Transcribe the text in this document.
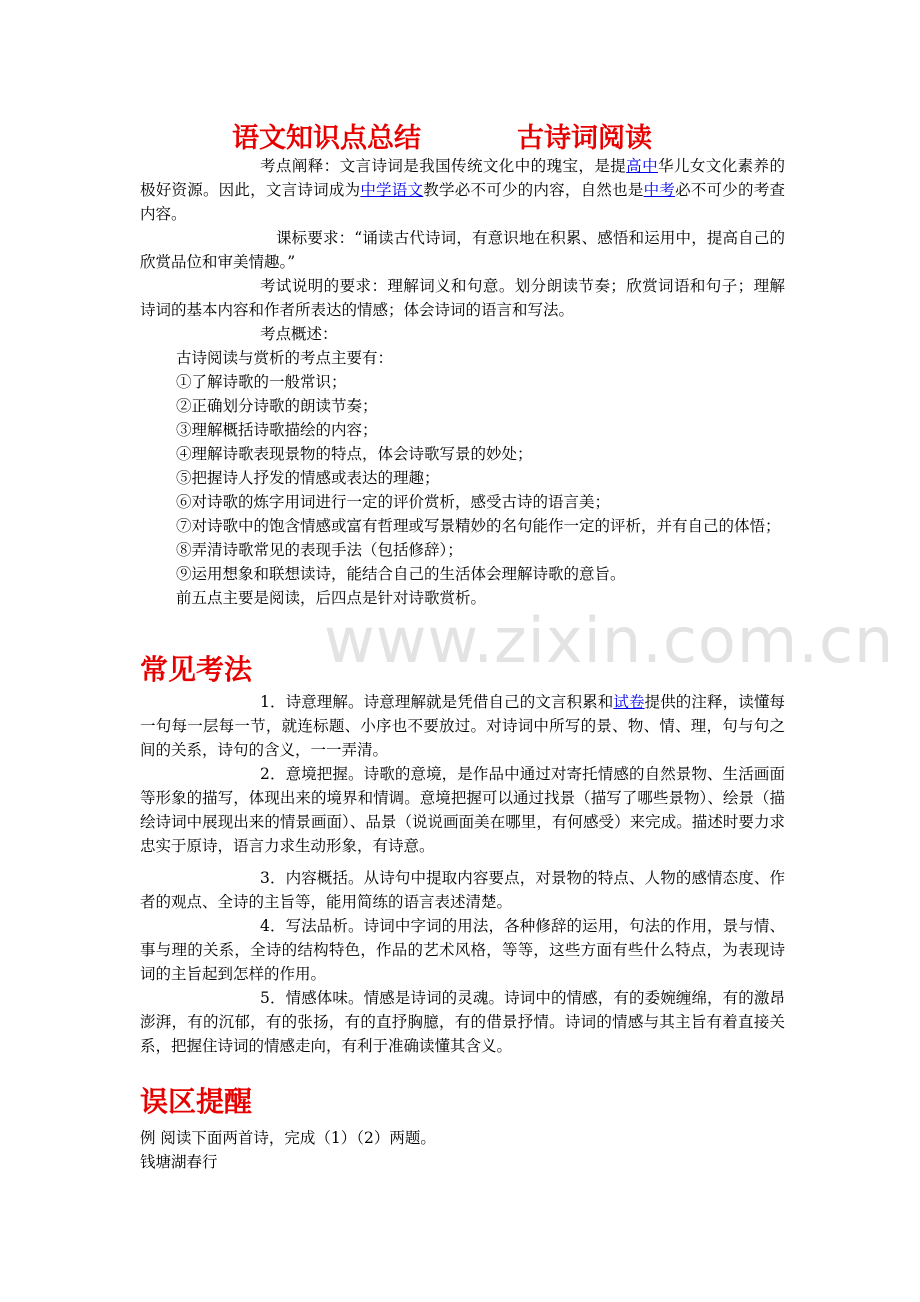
www.zixin.com.cn
语文知识点总结	古诗词阅读

考点阐释：文言诗词是我国传统文化中的瑰宝，是提高中华儿女文化素养的极好资源。因此，文言诗词成为中学语文教学必不可少的内容，自然也是中考必不可少的考查内容。

课标要求：“诵读古代诗词，有意识地在积累、感悟和运用中，提高自己的欣赏品位和审美情趣。”

考试说明的要求：理解词义和句意。划分朗读节奏；欣赏词语和句子；理解诗词的基本内容和作者所表达的情感；体会诗词的语言和写法。

考点概述：

古诗阅读与赏析的考点主要有：

①了解诗歌的一般常识；

②正确划分诗歌的朗读节奏；

③理解概括诗歌描绘的内容；

④理解诗歌表现景物的特点，体会诗歌写景的妙处；

⑤把握诗人抒发的情感或表达的理趣；

⑥对诗歌的炼字用词进行一定的评价赏析，感受古诗的语言美；

⑦对诗歌中的饱含情感或富有哲理或写景精妙的名句能作一定的评析，并有自己的体悟；

⑧弄清诗歌常见的表现手法（包括修辞）；

⑨运用想象和联想读诗，能结合自己的生活体会理解诗歌的意旨。

前五点主要是阅读，后四点是针对诗歌赏析。

常见考法

1．诗意理解。诗意理解就是凭借自己的文言积累和试卷提供的注释，读懂每一句每一层每一节，就连标题、小序也不要放过。对诗词中所写的景、物、情、理，句与句之间的关系，诗句的含义，一一弄清。

2．意境把握。诗歌的意境，是作品中通过对寄托情感的自然景物、生活画面等形象的描写，体现出来的境界和情调。意境把握可以通过找景（描写了哪些景物）、绘景（描绘诗词中展现出来的情景画面）、品景（说说画面美在哪里，有何感受）来完成。描述时要力求忠实于原诗，语言力求生动形象，有诗意。

3．内容概括。从诗句中提取内容要点，对景物的特点、人物的感情态度、作者的观点、全诗的主旨等，能用简练的语言表述清楚。

4．写法品析。诗词中字词的用法，各种修辞的运用，句法的作用，景与情、事与理的关系，全诗的结构特色，作品的艺术风格，等等，这些方面有些什么特点，为表现诗词的主旨起到怎样的作用。

5．情感体味。情感是诗词的灵魂。诗词中的情感，有的委婉缠绵，有的激昂澎湃，有的沉郁，有的张扬，有的直抒胸臆，有的借景抒情。诗词的情感与其主旨有着直接关系，把握住诗词的情感走向，有利于准确读懂其含义。

误区提醒

例 阅读下面两首诗，完成（1）（2）两题。

钱塘湖春行
